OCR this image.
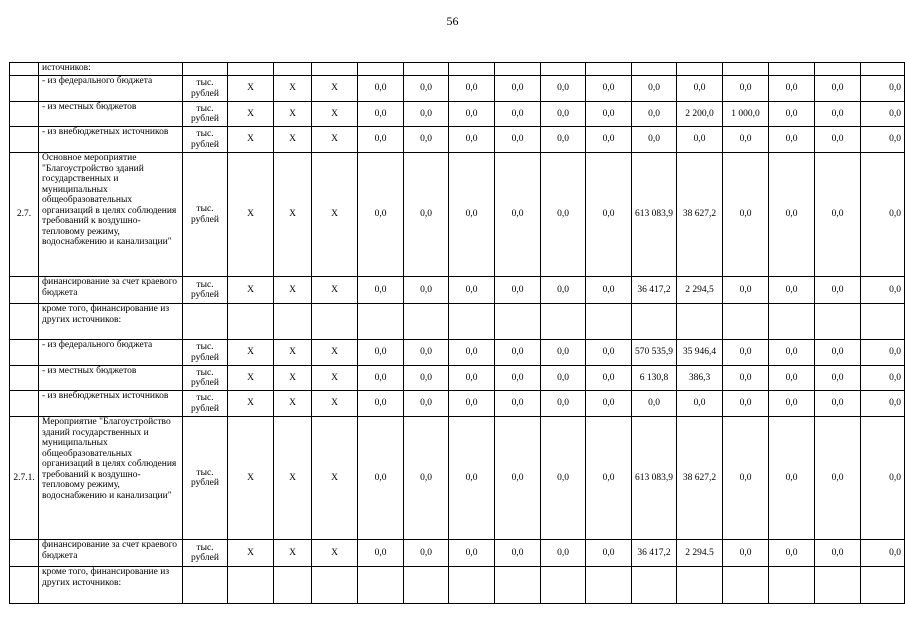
56
	источников:																
	- из федерального бюджета	тыс. рублей	X	X	X	0,0	0,0	0,0	0,0	0,0	0,0	0,0	0,0	0,0	0,0	0,0	0,0
	- из местных бюджетов	тыс. рублей	X	X	X	0,0	0,0	0,0	0,0	0,0	0,0	0,0	2 200,0	1 000,0	0,0	0,0	0,0
	- из внебюджетных источников	тыс. рублей	X	X	X	0,0	0,0	0,0	0,0	0,0	0,0	0,0	0,0	0,0	0,0	0,0	0,0
2.7.	Основное мероприятие "Благоустройство зданий государственных и муниципальных общеобразовательных организаций в целях соблюдения требований к воздушно-тепловому режиму, водоснабжению и канализации"	тыс. рублей	X	X	X	0,0	0,0	0,0	0,0	0,0	0,0	613 083,9	38 627,2	0,0	0,0	0,0	0,0
	финансирование за счет краевого бюджета	тыс. рублей	X	X	X	0,0	0,0	0,0	0,0	0,0	0,0	36 417,2	2 294,5	0,0	0,0	0,0	0,0
	кроме того, финансирование из других источников:																
	- из федерального бюджета	тыс. рублей	X	X	X	0,0	0,0	0,0	0,0	0,0	0,0	570 535,9	35 946,4	0,0	0,0	0,0	0,0
	- из местных бюджетов	тыс. рублей	X	X	X	0,0	0,0	0,0	0,0	0,0	0,0	6 130,8	386,3	0,0	0,0	0,0	0,0
	- из внебюджетных источников	тыс. рублей	X	X	X	0,0	0,0	0,0	0,0	0,0	0,0	0,0	0,0	0,0	0,0	0,0	0,0
2.7.1.	Мероприятие "Благоустройство зданий государственных и муниципальных общеобразовательных организаций в целях соблюдения требований к воздушно-тепловому режиму, водоснабжению и канализации"	тыс. рублей	X	X	X	0,0	0,0	0,0	0,0	0,0	0,0	613 083,9	38 627,2	0,0	0,0	0,0	0,0
	финансирование за счет краевого бюджета	тыс. рублей	X	X	X	0,0	0,0	0,0	0,0	0,0	0,0	36 417,2	2 294.5	0,0	0,0	0,0	0,0
	кроме того, финансирование из других источников:																
